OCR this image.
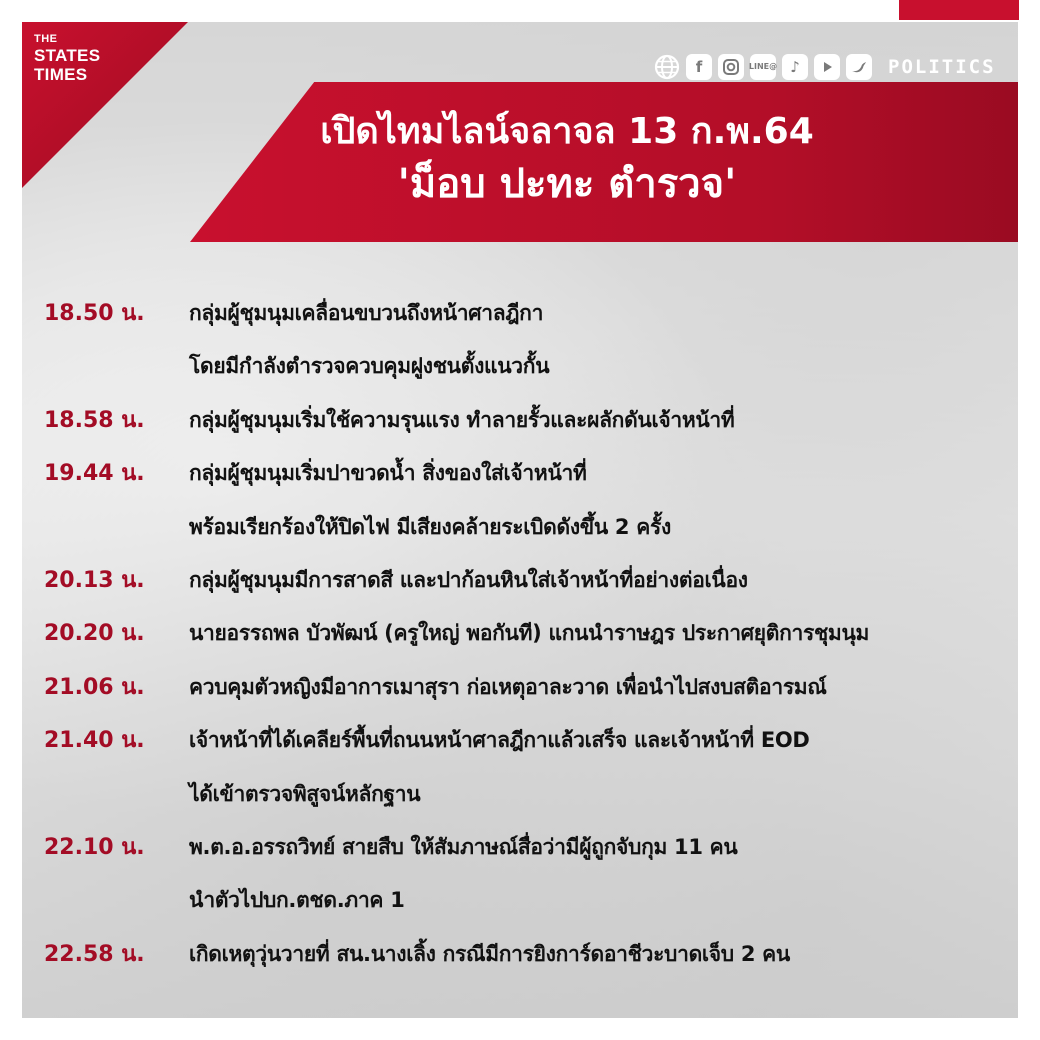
THE
STATES
TIMES	f	LINE@ ♪	POLITICS
เปิดไทมไลน์จลาจล 13 ก.พ.64
'ม็อบ ปะทะ ตำรวจ'
18.50 น.	กลุ่มผู้ชุมนุมเคลื่อนขบวนถึงหน้าศาลฎีกา
โดยมีกำลังตำรวจควบคุมฝูงชนตั้งแนวกั้น
18.58 น.	กลุ่มผู้ชุมนุมเริ่มใช้ความรุนแรง ทำลายรั้วและผลักดันเจ้าหน้าที่
19.44 น.	กลุ่มผู้ชุมนุมเริ่มปาขวดน้ำ สิ่งของใส่เจ้าหน้าที่
พร้อมเรียกร้องให้ปิดไฟ มีเสียงคล้ายระเบิดดังขึ้น 2 ครั้ง
20.13 น.	กลุ่มผู้ชุมนุมมีการสาดสี และปาก้อนหินใส่เจ้าหน้าที่อย่างต่อเนื่อง
20.20 น.	นายอรรถพล บัวพัฒน์ (ครูใหญ่ พอกันที) แกนนำราษฎร ประกาศยุติการชุมนุม
21.06 น.	ควบคุมตัวหญิงมีอาการเมาสุรา ก่อเหตุอาละวาด เพื่อนำไปสงบสติอารมณ์
21.40 น.	เจ้าหน้าที่ได้เคลียร์พื้นที่ถนนหน้าศาลฎีกาแล้วเสร็จ และเจ้าหน้าที่ EOD
ได้เข้าตรวจพิสูจน์หลักฐาน
22.10 น.	พ.ต.อ.อรรถวิทย์ สายสืบ ให้สัมภาษณ์สื่อว่ามีผู้ถูกจับกุม 11 คน
นำตัวไปบก.ตชด.ภาค 1
22.58 น.	เกิดเหตุวุ่นวายที่ สน.นางเลิ้ง กรณีมีการยิงการ์ดอาชีวะบาดเจ็บ 2 คน
